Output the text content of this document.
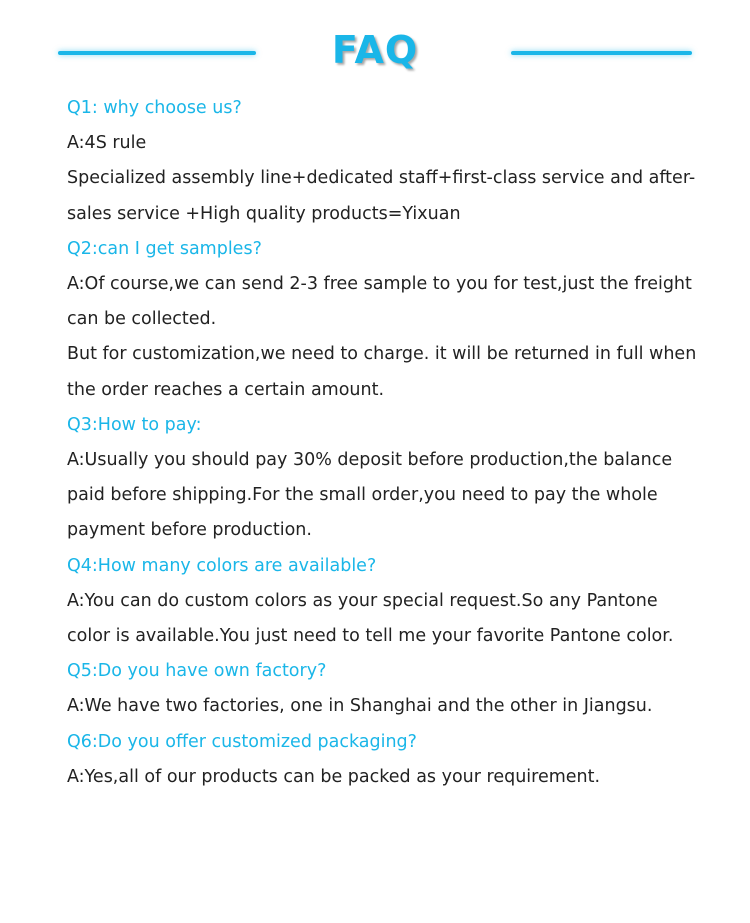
FAQ

Q1: why choose us?

A:4S rule

Specialized assembly line+dedicated staff+first-class service and after-sales service +High quality products=Yixuan

Q2:can I get samples?

A:Of course,we can send 2-3 free sample to you for test,just the freight can be collected.

But for customization,we need to charge. it will be returned in full when the order reaches a certain amount.

Q3:How to pay:

A:Usually you should pay 30% deposit before production,the balance paid before shipping.For the small order,you need to pay the whole payment before production.

Q4:How many colors are available?

A:You can do custom colors as your special request.So any Pantone color is available.You just need to tell me your favorite Pantone color.

Q5:Do you have own factory?

A:We have two factories, one in Shanghai and the other in Jiangsu.

Q6:Do you offer customized packaging?

A:Yes,all of our products can be packed as your requirement.
